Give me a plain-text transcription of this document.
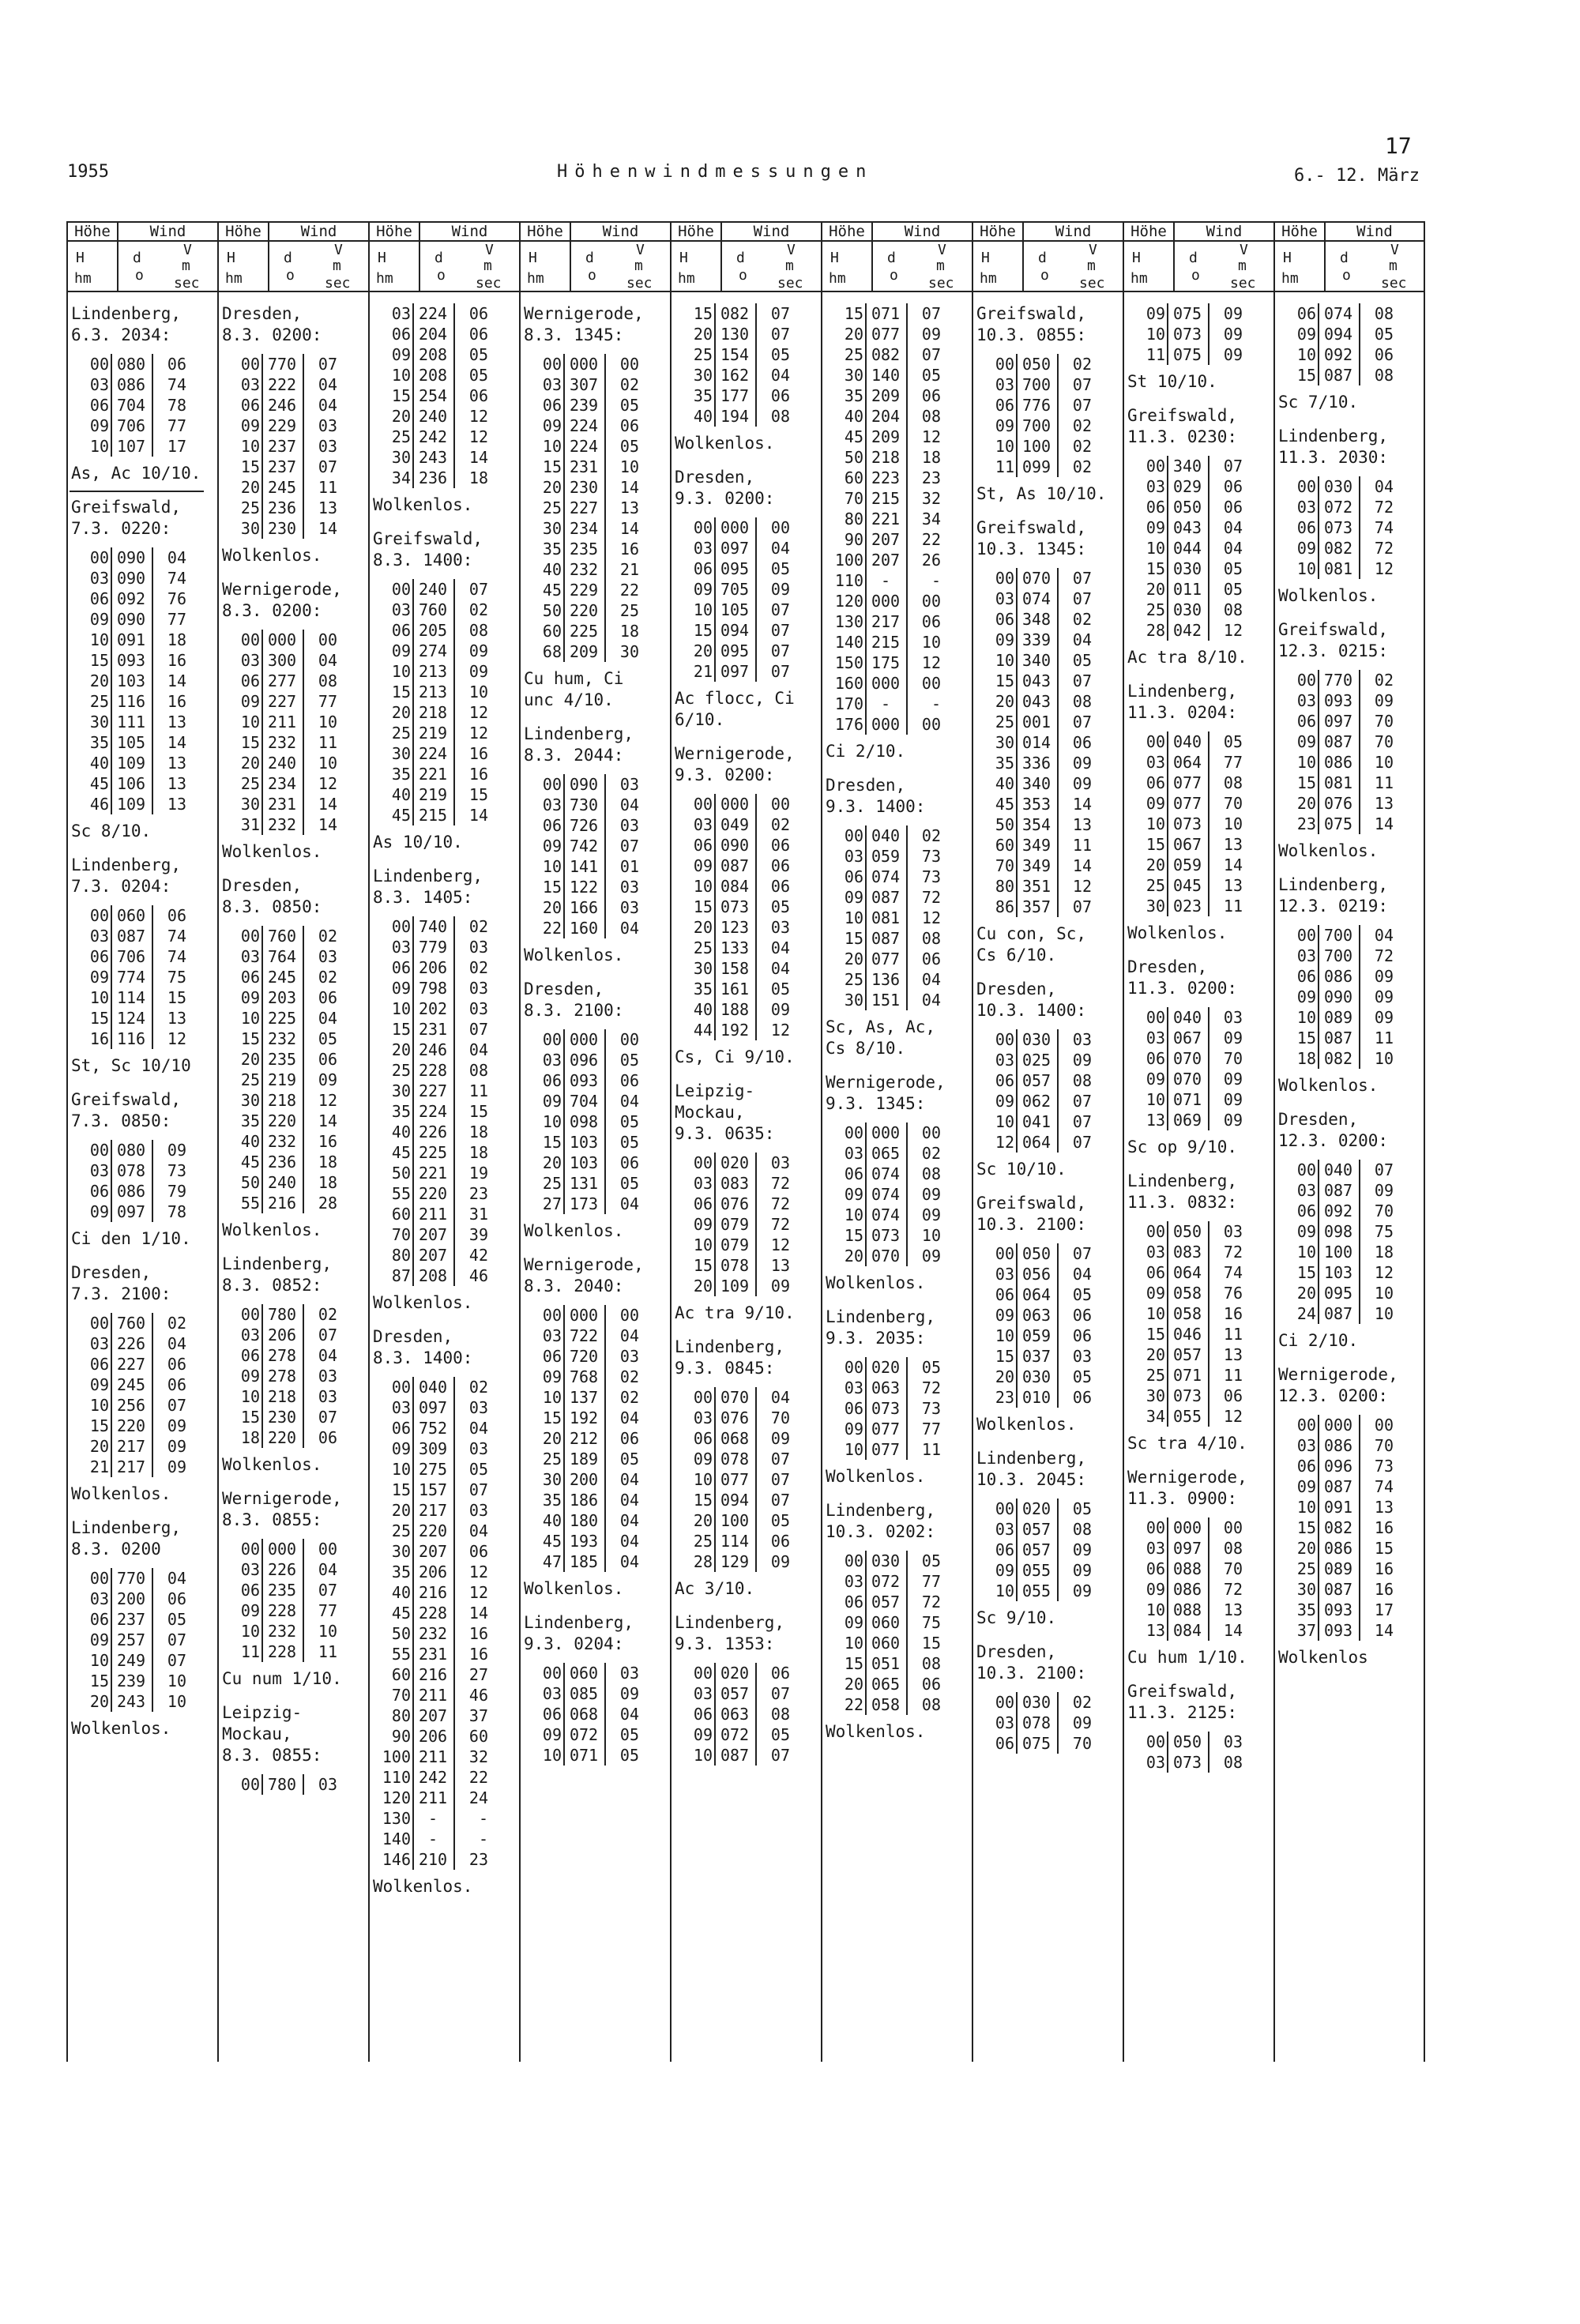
17
1955	Höhenwindmessungen	6.- 12. März
Höhe	Wind
H
hm
d
o
V
m
sec
Lindenberg,
6.3. 2034:
00 080	06
03 086	74
06 704	78
09 706	77
10 107	17
As, Ac 10/10.
Greifswald,
7.3. 0220:
00 090	04
03 090	74
06 092	76
09 090	77
10 091	18
15 093	16
20 103	14
25 116	16
30 111	13
35 105	14
40 109	13
45 106	13
46 109	13
Sc 8/10.
Lindenberg,
7.3. 0204:
00 060	06
03 087	74
06 706	74
09 774	75
10 114	15
15 124	13
16 116	12
St, Sc 10/10
Greifswald,
7.3. 0850:
00 080	09
03 078	73
06 086	79
09 097	78
Ci den 1/10.
Dresden,
7.3. 2100:
00 760	02
03 226	04
06 227	06
09 245	06
10 256	07
15 220	09
20 217	09
21 217	09
Wolkenlos.
Lindenberg,
8.3. 0200
00 770	04
03 200	06
06 237	05
09 257	07
10 249	07
15 239	10
20 243	10
Wolkenlos.
Höhe	Wind
H
hm
d
o
V
m
sec
Dresden,
8.3. 0200:
00 770	07
03 222	04
06 246	04
09 229	03
10 237	03
15 237	07
20 245	11
25 236	13
30 230	14
Wolkenlos.
Wernigerode,
8.3. 0200:
00 000	00
03 300	04
06 277	08
09 227	77
10 211	10
15 232	11
20 240	10
25 234	12
30 231	14
31 232	14
Wolkenlos.
Dresden,
8.3. 0850:
00 760	02
03 764	03
06 245	02
09 203	06
10 225	04
15 232	05
20 235	06
25 219	09
30 218	12
35 220	14
40 232	16
45 236	18
50 240	18
55 216	28
Wolkenlos.
Lindenberg,
8.3. 0852:
00 780	02
03 206	07
06 278	04
09 278	03
10 218	03
15 230	07
18 220	06
Wolkenlos.
Wernigerode,
8.3. 0855:
00 000	00
03 226	04
06 235	07
09 228	77
10 232	10
11 228	11
Cu num 1/10.
Leipzig-
Mockau,
8.3. 0855:
00 780	03
Höhe	Wind
H
hm
d
o
V
m
sec
03 224	06
06 204	06
09 208	05
10 208	05
15 254	06
20 240	12
25 242	12
30 243	14
34 236	18
Wolkenlos.
Greifswald,
8.3. 1400:
00 240	07
03 760	02
06 205	08
09 274	09
10 213	09
15 213	10
20 218	12
25 219	12
30 224	16
35 221	16
40 219	15
45 215	14
As 10/10.
Lindenberg,
8.3. 1405:
00 740	02
03 779	03
06 206	02
09 798	03
10 202	03
15 231	07
20 246	04
25 228	08
30 227	11
35 224	15
40 226	18
45 225	18
50 221	19
55 220	23
60 211	31
70 207	39
80 207	42
87 208	46
Wolkenlos.
Dresden,
8.3. 1400:
00 040	02
03 097	03
06 752	04
09 309	03
10 275	05
15 157	07
20 217	03
25 220	04
30 207	06
35 206	12
40 216	12
45 228	14
50 232	16
55 231	16
60 216	27
70 211	46
80 207	37
90 206	60
100 211	32
110 242	22
120 211	24
130	-	-
140	-	-
146 210	23
Wolkenlos.
Höhe	Wind
H
hm
d
o
V
m
sec
Wernigerode,
8.3. 1345:
00 000	00
03 307	02
06 239	05
09 224	06
10 224	05
15 231	10
20 230	14
25 227	13
30 234	14
35 235	16
40 232	21
45 229	22
50 220	25
60 225	18
68 209	30
Cu hum, Ci
unc 4/10.
Lindenberg,
8.3. 2044:
00 090	03
03 730	04
06 726	03
09 742	07
10 141	01
15 122	03
20 166	03
22 160	04
Wolkenlos.
Dresden,
8.3. 2100:
00 000	00
03 096	05
06 093	06
09 704	04
10 098	05
15 103	05
20 103	06
25 131	05
27 173	04
Wolkenlos.
Wernigerode,
8.3. 2040:
00 000	00
03 722	04
06 720	03
09 768	02
10 137	02
15 192	04
20 212	06
25 189	05
30 200	04
35 186	04
40 180	04
45 193	04
47 185	04
Wolkenlos.
Lindenberg,
9.3. 0204:
00 060	03
03 085	09
06 068	04
09 072	05
10 071	05
Höhe	Wind
H
hm
d
o
V
m
sec
15 082	07
20 130	07
25 154	05
30 162	04
35 177	06
40 194	08
Wolkenlos.
Dresden,
9.3. 0200:
00 000	00
03 097	04
06 095	05
09 705	09
10 105	07
15 094	07
20 095	07
21 097	07
Ac flocc, Ci
6/10.
Wernigerode,
9.3. 0200:
00 000	00
03 049	02
06 090	06
09 087	06
10 084	06
15 073	05
20 123	03
25 133	04
30 158	04
35 161	05
40 188	09
44 192	12
Cs, Ci 9/10.
Leipzig-
Mockau,
9.3. 0635:
00 020	03
03 083	72
06 076	72
09 079	72
10 079	12
15 078	13
20 109	09
Ac tra 9/10.
Lindenberg,
9.3. 0845:
00 070	04
03 076	70
06 068	09
09 078	07
10 077	07
15 094	07
20 100	05
25 114	06
28 129	09
Ac 3/10.
Lindenberg,
9.3. 1353:
00 020	06
03 057	07
06 063	08
09 072	05
10 087	07
Höhe	Wind
H
hm
d
o
V
m
sec
15 071	07
20 077	09
25 082	07
30 140	05
35 209	06
40 204	08
45 209	12
50 218	18
60 223	23
70 215	32
80 221	34
90 207	22
100 207	26
110	-	-
120 000	00
130 217	06
140 215	10
150 175	12
160 000	00
170	-	-
176 000	00
Ci 2/10.
Dresden,
9.3. 1400:
00 040	02
03 059	73
06 074	73
09 087	72
10 081	12
15 087	08
20 077	06
25 136	04
30 151	04
Sc, As, Ac,
Cs 8/10.
Wernigerode,
9.3. 1345:
00 000	00
03 065	02
06 074	08
09 074	09
10 074	09
15 073	10
20 070	09
Wolkenlos.
Lindenberg,
9.3. 2035:
00 020	05
03 063	72
06 073	73
09 077	77
10 077	11
Wolkenlos.
Lindenberg,
10.3. 0202:
00 030	05
03 072	77
06 057	72
09 060	75
10 060	15
15 051	08
20 065	06
22 058	08
Wolkenlos.
Höhe	Wind
H
hm
d
o
V
m
sec
Greifswald,
10.3. 0855:
00 050	02
03 700	07
06 776	07
09 700	02
10 100	02
11 099	02
St, As 10/10.
Greifswald,
10.3. 1345:
00 070	07
03 074	07
06 348	02
09 339	04
10 340	05
15 043	07
20 043	08
25 001	07
30 014	06
35 336	09
40 340	09
45 353	14
50 354	13
60 349	11
70 349	14
80 351	12
86 357	07
Cu con, Sc,
Cs 6/10.
Dresden,
10.3. 1400:
00 030	03
03 025	09
06 057	08
09 062	07
10 041	07
12 064	07
Sc 10/10.
Greifswald,
10.3. 2100:
00 050	07
03 056	04
06 064	05
09 063	06
10 059	06
15 037	03
20 030	05
23 010	06
Wolkenlos.
Lindenberg,
10.3. 2045:
00 020	05
03 057	08
06 057	09
09 055	09
10 055	09
Sc 9/10.
Dresden,
10.3. 2100:
00 030	02
03 078	09
06 075	70
Höhe	Wind
H
hm
d
o
V
m
sec
09 075	09
10 073	09
11 075	09
St 10/10.
Greifswald,
11.3. 0230:
00 340	07
03 029	06
06 050	06
09 043	04
10 044	04
15 030	05
20 011	05
25 030	08
28 042	12
Ac tra 8/10.
Lindenberg,
11.3. 0204:
00 040	05
03 064	77
06 077	08
09 077	70
10 073	10
15 067	13
20 059	14
25 045	13
30 023	11
Wolkenlos.
Dresden,
11.3. 0200:
00 040	03
03 067	09
06 070	70
09 070	09
10 071	09
13 069	09
Sc op 9/10.
Lindenberg,
11.3. 0832:
00 050	03
03 083	72
06 064	74
09 058	76
10 058	16
15 046	11
20 057	13
25 071	11
30 073	06
34 055	12
Sc tra 4/10.
Wernigerode,
11.3. 0900:
00 000	00
03 097	08
06 088	70
09 086	72
10 088	13
13 084	14
Cu hum 1/10.
Greifswald,
11.3. 2125:
00 050	03
03 073	08
Höhe	Wind
H
hm
d
o
V
m
sec
06 074	08
09 094	05
10 092	06
15 087	08
Sc 7/10.
Lindenberg,
11.3. 2030:
00 030	04
03 072	72
06 073	74
09 082	72
10 081	12
Wolkenlos.
Greifswald,
12.3. 0215:
00 770	02
03 093	09
06 097	70
09 087	70
10 086	10
15 081	11
20 076	13
23 075	14
Wolkenlos.
Lindenberg,
12.3. 0219:
00 700	04
03 700	72
06 086	09
09 090	09
10 089	09
15 087	11
18 082	10
Wolkenlos.
Dresden,
12.3. 0200:
00 040	07
03 087	09
06 092	70
09 098	75
10 100	18
15 103	12
20 095	10
24 087	10
Ci 2/10.
Wernigerode,
12.3. 0200:
00 000	00
03 086	70
06 096	73
09 087	74
10 091	13
15 082	16
20 086	15
25 089	16
30 087	16
35 093	17
37 093	14
Wolkenlos
